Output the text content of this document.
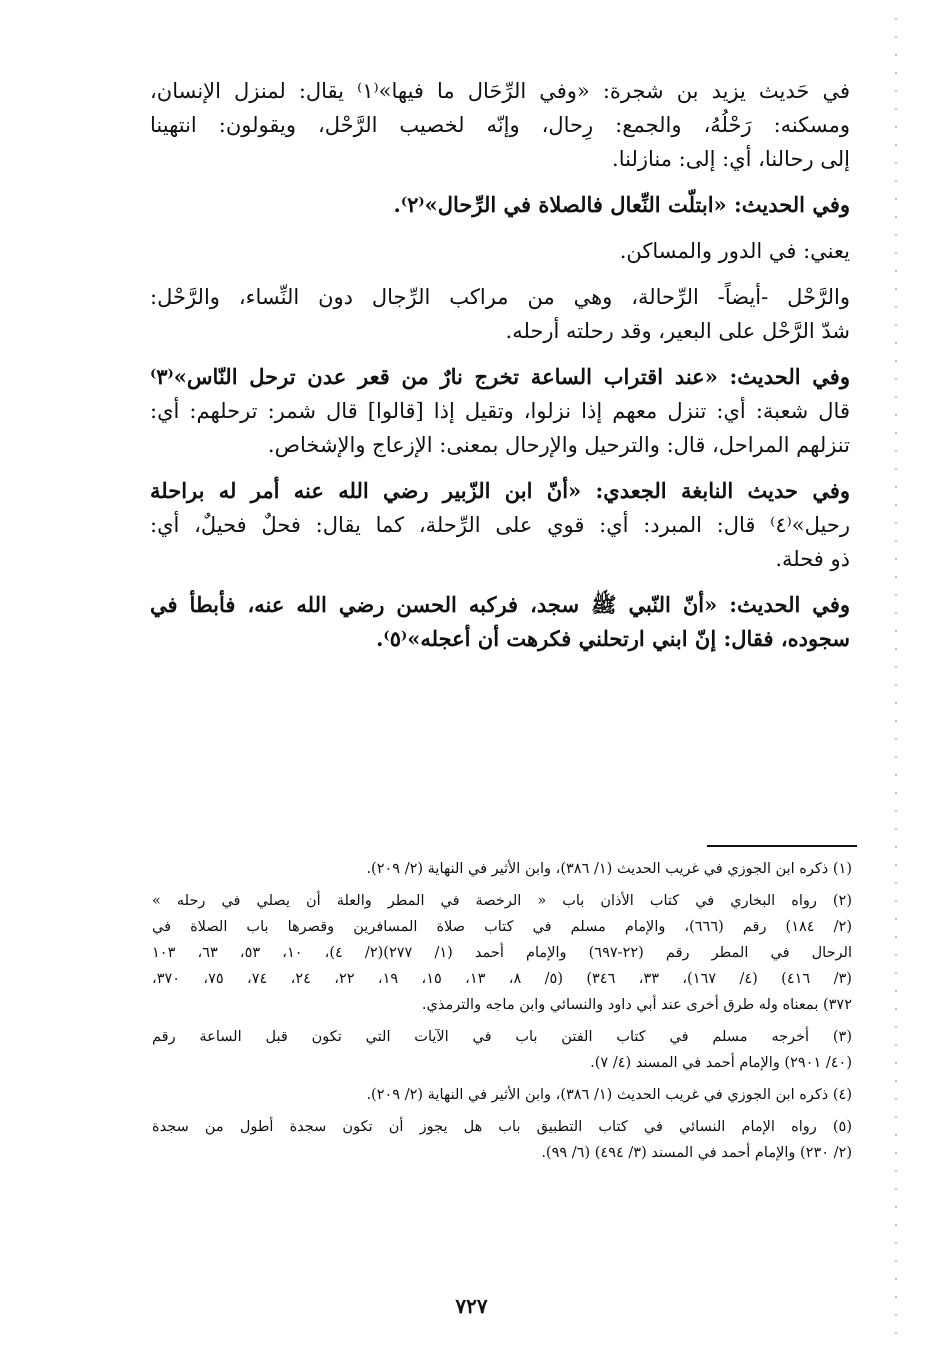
في حَديث يزيد بن شجرة: «وفي الرِّحَال ما فيها»⁽١⁾ يقال: لمنزل الإنسان،
ومسكنه: رَحْلُهُ، والجمع: رِحال، وإنّه لخصيب الرَّحْل، ويقولون: انتهينا
إلى رحالنا، أي: إلى: منازلنا.

وفي الحديث: «ابتلّت النِّعال فالصلاة في الرِّحال»⁽٢⁾.

يعني: في الدور والمساكن.

والرَّحْل -أيضاً- الرِّحالة، وهي من مراكب الرِّجال دون النِّساء، والرَّحْل:
شدّ الرَّحْل على البعير، وقد رحلته أرحله.

وفي الحديث: «عند اقتراب الساعة تخرج نارٌ من قعر عدن ترحل النّاس»⁽٣⁾
قال شعبة: أي: تنزل معهم إذا نزلوا، وتقيل إذا [قالوا] قال شمر: ترحلهم: أي:
تنزلهم المراحل، قال: والترحيل والإرحال بمعنى: الإزعاج والإشخاص.

وفي حديث النابغة الجعدي: «أنّ ابن الزّبير رضي الله عنه أمر له براحلة
رحيل»⁽٤⁾ قال: المبرد: أي: قوي على الرِّحلة، كما يقال: فحلٌ فحيلٌ، أي:
ذو فحلة.

وفي الحديث: «أنّ النّبي ﷺ سجد، فركبه الحسن رضي الله عنه، فأبطأ في
سجوده، فقال: إنّ ابني ارتحلني فكرهت أن أعجله»⁽٥⁾.

(١) ذكره ابن الجوزي في غريب الحديث (١/ ٣٨٦)، وابن الأثير في النهاية (٢/ ٢٠٩).

(٢) رواه البخاري في كتاب الأذان باب « الرخصة في المطر والعلة أن يصلي في رحله »
(٢/ ١٨٤) رقم (٦٦٦)، والإمام مسلم في كتاب صلاة المسافرين وقصرها باب الصلاة في
الرحال في المطر رقم (٢٢-٦٩٧) والإمام أحمد (١/ ٢٧٧)(٢/ ٤)، ١٠، ٥٣، ٦٣، ١٠٣
(٣/ ٤١٦) (٤/ ١٦٧)، ٣٣، ٣٤٦) (٥/ ٨، ١٣، ١٥، ١٩، ٢٢، ٢٤، ٧٤، ٧٥، ٣٧٠،
٣٧٢) بمعناه وله طرق أخرى عند أبي داود والنسائي وابن ماجه والترمذي.

(٣) أخرجه مسلم في كتاب الفتن باب في الآيات التي تكون قبل الساعة رقم
(٤٠/ ٢٩٠١) والإمام أحمد في المسند (٤/ ٧).

(٤) ذكره ابن الجوزي في غريب الحديث (١/ ٣٨٦)، وابن الأثير في النهاية (٢/ ٢٠٩).

(٥) رواه الإمام النسائي في كتاب التطبيق باب هل يجوز أن تكون سجدة أطول من سجدة
(٢/ ٢٣٠) والإمام أحمد في المسند (٣/ ٤٩٤) (٦/ ٩٩).

٧٢٧
